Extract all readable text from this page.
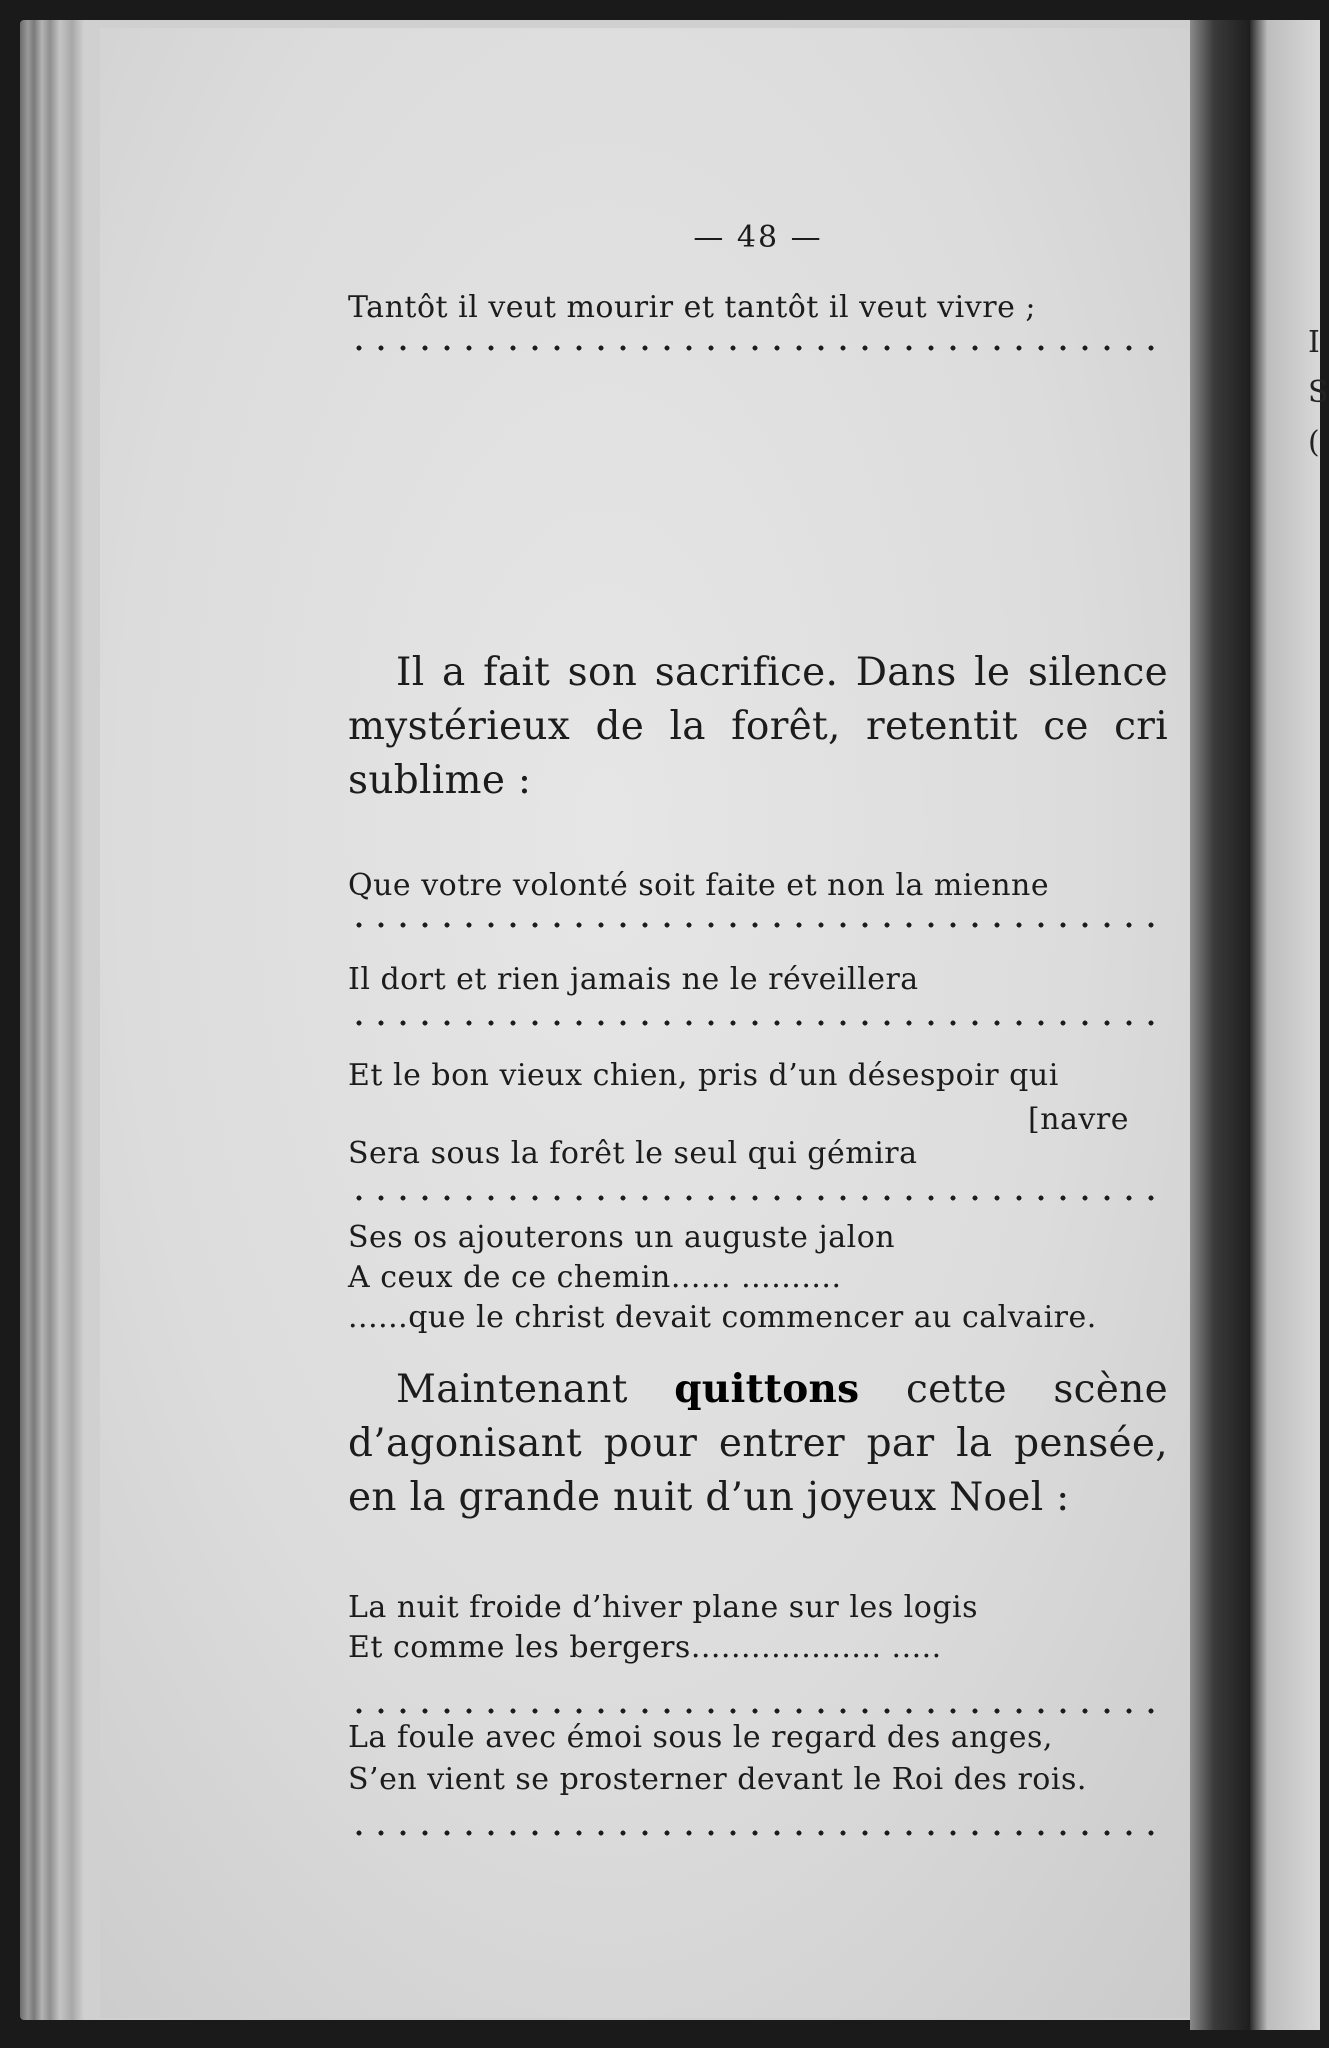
I
S
(
— 48 —
Tantôt il veut mourir et tantôt il veut vivre ;
Il a fait son sacrifice. Dans le silence mystérieux de la forêt, retentit ce cri sublime :
Que votre volonté soit faite et non la mienne
Il dort et rien jamais ne le réveillera
Et le bon vieux chien, pris d’un désespoir qui
[navre
Sera sous la forêt le seul qui gémira
Ses os ajouterons un auguste jalon
A ceux de ce chemin...... ..........
......que le christ devait commencer au calvaire.
Maintenant quittons cette scène d’agonisant pour entrer par la pensée, en la grande nuit d’un joyeux Noel :
La nuit froide d’hiver plane sur les logis
Et comme les bergers................... .....
La foule avec émoi sous le regard des anges,
S’en vient se prosterner devant le Roi des rois.
